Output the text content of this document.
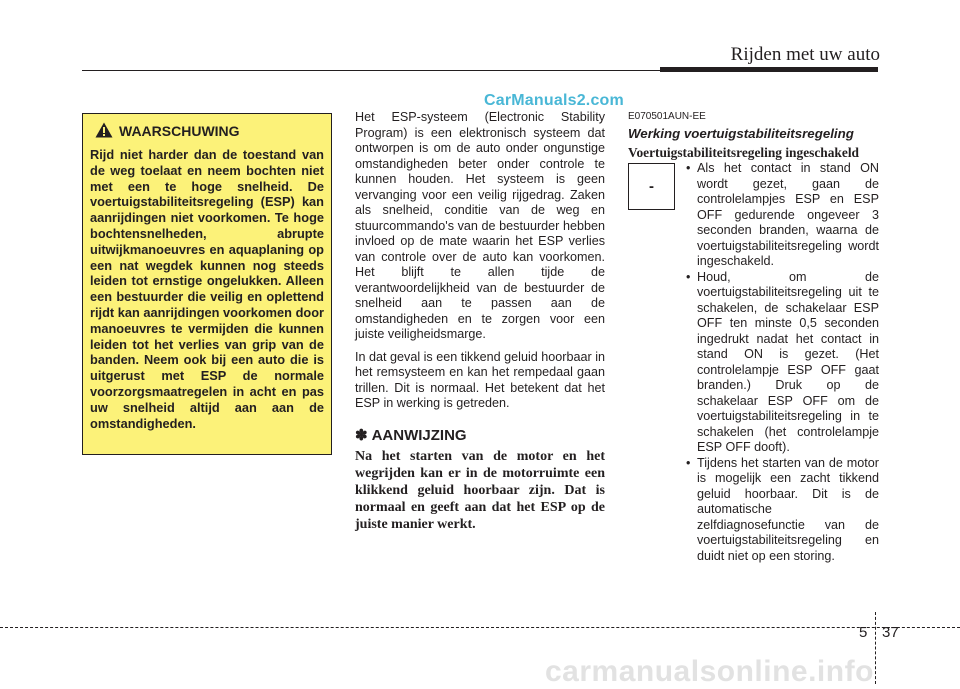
Rijden met uw auto
CarManuals2.com
WAARSCHUWING
Rijd niet harder dan de toestand van de weg toelaat en neem bochten niet met een te hoge snelheid. De voertuigstabiliteitsregeling (ESP) kan aanrijdingen niet voorkomen. Te hoge bochtensnelheden, abrupte uitwijkmanoeuvres en aquaplaning op een nat wegdek kunnen nog steeds leiden tot ernstige ongelukken. Alleen een bestuurder die veilig en oplettend rijdt kan aanrijdingen voorkomen door manoeuvres te vermijden die kunnen leiden tot het verlies van grip van de banden. Neem ook bij een auto die is uitgerust met ESP de normale voorzorgsmaatregelen in acht en pas uw snelheid altijd aan aan de omstandigheden.

Het ESP-systeem (Electronic Stability Program) is een elektronisch systeem dat ontworpen is om de auto onder ongunstige omstandigheden beter onder controle te kunnen houden. Het systeem is geen vervanging voor een veilig rijgedrag. Zaken als snelheid, conditie van de weg en stuurcommando's van de bestuurder hebben invloed op de mate waarin het ESP verlies van controle over de auto kan voorkomen. Het blijft te allen tijde de verantwoordelijkheid van de bestuurder de snelheid aan te passen aan de omstandigheden en te zorgen voor een juiste veiligheidsmarge.

In dat geval is een tikkend geluid hoorbaar in het remsysteem en kan het rempedaal gaan trillen. Dit is normaal. Het betekent dat het ESP in werking is getreden.

✽ AANWIJZING
Na het starten van de motor en het wegrijden kan er in de motorruimte een klikkend geluid hoorbaar zijn. Dat is normaal en geeft aan dat het ESP op de juiste manier werkt.
E070501AUN-EE
Werking voertuigstabiliteitsregeling
Voertuigstabiliteitsregeling ingeschakeld
-
• Als het contact in stand ON wordt gezet, gaan de controlelampjes ESP en ESP OFF gedurende ongeveer 3 seconden branden, waarna de voertuigstabiliteitsregeling wordt ingeschakeld.
• Houd, om de voertuigstabiliteitsregeling uit te schakelen, de schakelaar ESP OFF ten minste 0,5 seconden ingedrukt nadat het contact in stand ON is gezet. (Het controlelampje ESP OFF gaat branden.) Druk op de schakelaar ESP OFF om de voertuigstabiliteitsregeling in te schakelen (het controlelampje ESP OFF dooft).
• Tijdens het starten van de motor is mogelijk een zacht tikkend geluid hoorbaar. Dit is de automatische zelfdiagnosefunctie van de voertuigstabiliteitsregeling en duidt niet op een storing.
5 37
carmanualsonline.info
